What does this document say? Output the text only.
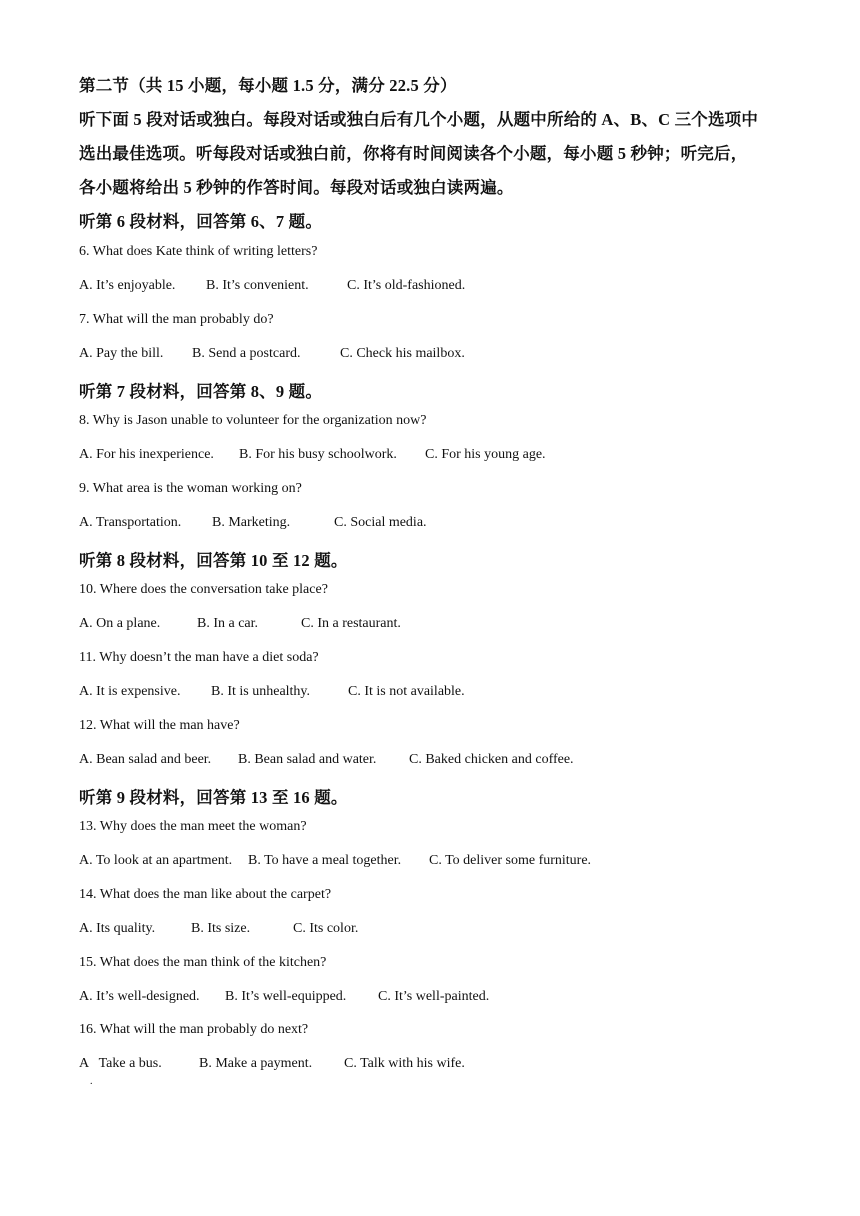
第二节（共 15 小题，每小题 1.5 分，满分 22.5 分）
听下面 5 段对话或独白。每段对话或独白后有几个小题，从题中所给的 A、B、C 三个选项中
选出最佳选项。听每段对话或独白前，你将有时间阅读各个小题，每小题 5 秒钟；听完后，
各小题将给出 5 秒钟的作答时间。每段对话或独白读两遍。
听第 6 段材料，回答第 6、7 题。
6. What does Kate think of writing letters?
A. It’s enjoyable. B. It’s convenient.	C. It’s old-fashioned.
7. What will the man probably do?
A. Pay the bill. B. Send a postcard.	C. Check his mailbox.
听第 7 段材料，回答第 8、9 题。
8. Why is Jason unable to volunteer for the organization now?
A. For his inexperience. B. For his busy schoolwork. C. For his young age.
9. What area is the woman working on?
A. Transportation. B. Marketing.	C. Social media.
听第 8 段材料，回答第 10 至 12 题。
10. Where does the conversation take place?
A. On a plane.	B. In a car.	C. In a restaurant.
11. Why doesn’t the man have a diet soda?
A. It is expensive. B. It is unhealthy.	C. It is not available.
12. What will the man have?
A. Bean salad and beer. B. Bean salad and water. C. Baked chicken and coffee.
听第 9 段材料，回答第 13 至 16 题。
13. Why does the man meet the woman?
A. To look at an apartment. B. To have a meal together. C. To deliver some furniture.
14. What does the man like about the carpet?
A. Its quality.	B. Its size.	C. Its color.
15. What does the man think of the kitchen?
A. It’s well-designed. B. It’s well-equipped. C. It’s well-painted.
16. What will the man probably do next?
A   Take a bus.	B. Make a payment. C. Talk with his wife.
.
